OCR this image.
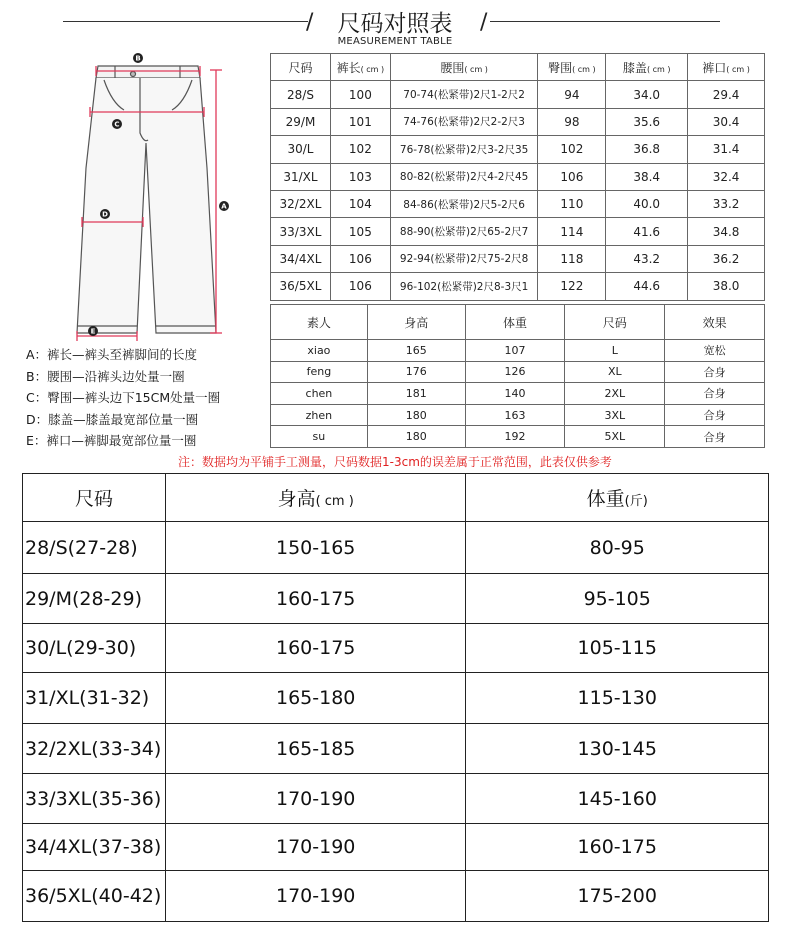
/	尺码对照表
MEASUREMENT TABLE
/
B
C
D
E
A
A：裤长—裤头至裤脚间的长度
B：腰围—沿裤头边处量一圈
C：臀围—裤头边下15CM处量一圈
D：膝盖—膝盖最宽部位量一圈
E：裤口—裤脚最宽部位量一圈
尺码	裤长( cm )	腰围( cm )	臀围( cm )	膝盖( cm )	裤口( cm )
28/S	100	70-74(松紧带)2尺1-2尺2	94	34.0	29.4
29/M	101	74-76(松紧带)2尺2-2尺3	98	35.6	30.4
30/L	102	76-78(松紧带)2尺3-2尺35	102	36.8	31.4
31/XL	103	80-82(松紧带)2尺4-2尺45	106	38.4	32.4
32/2XL	104	84-86(松紧带)2尺5-2尺6	110	40.0	33.2
33/3XL	105	88-90(松紧带)2尺65-2尺7	114	41.6	34.8
34/4XL	106	92-94(松紧带)2尺75-2尺8	118	43.2	36.2
36/5XL	106	96-102(松紧带)2尺8-3尺1	122	44.6	38.0
素人	身高	体重	尺码	效果
xiao	165	107	L	宽松
feng	176	126	XL	合身
chen	181	140	2XL	合身
zhen	180	163	3XL	合身
su	180	192	5XL	合身
注：数据均为平铺手工测量，尺码数据1-3cm的误差属于正常范围，此表仅供参考
尺码	身高( cm )	体重(斤)
28/S(27-28)	150-165	80-95
29/M(28-29)	160-175	95-105
30/L(29-30)	160-175	105-115
31/XL(31-32)	165-180	115-130
32/2XL(33-34)	165-185	130-145
33/3XL(35-36)	170-190	145-160
34/4XL(37-38)	170-190	160-175
36/5XL(40-42)	170-190	175-200
